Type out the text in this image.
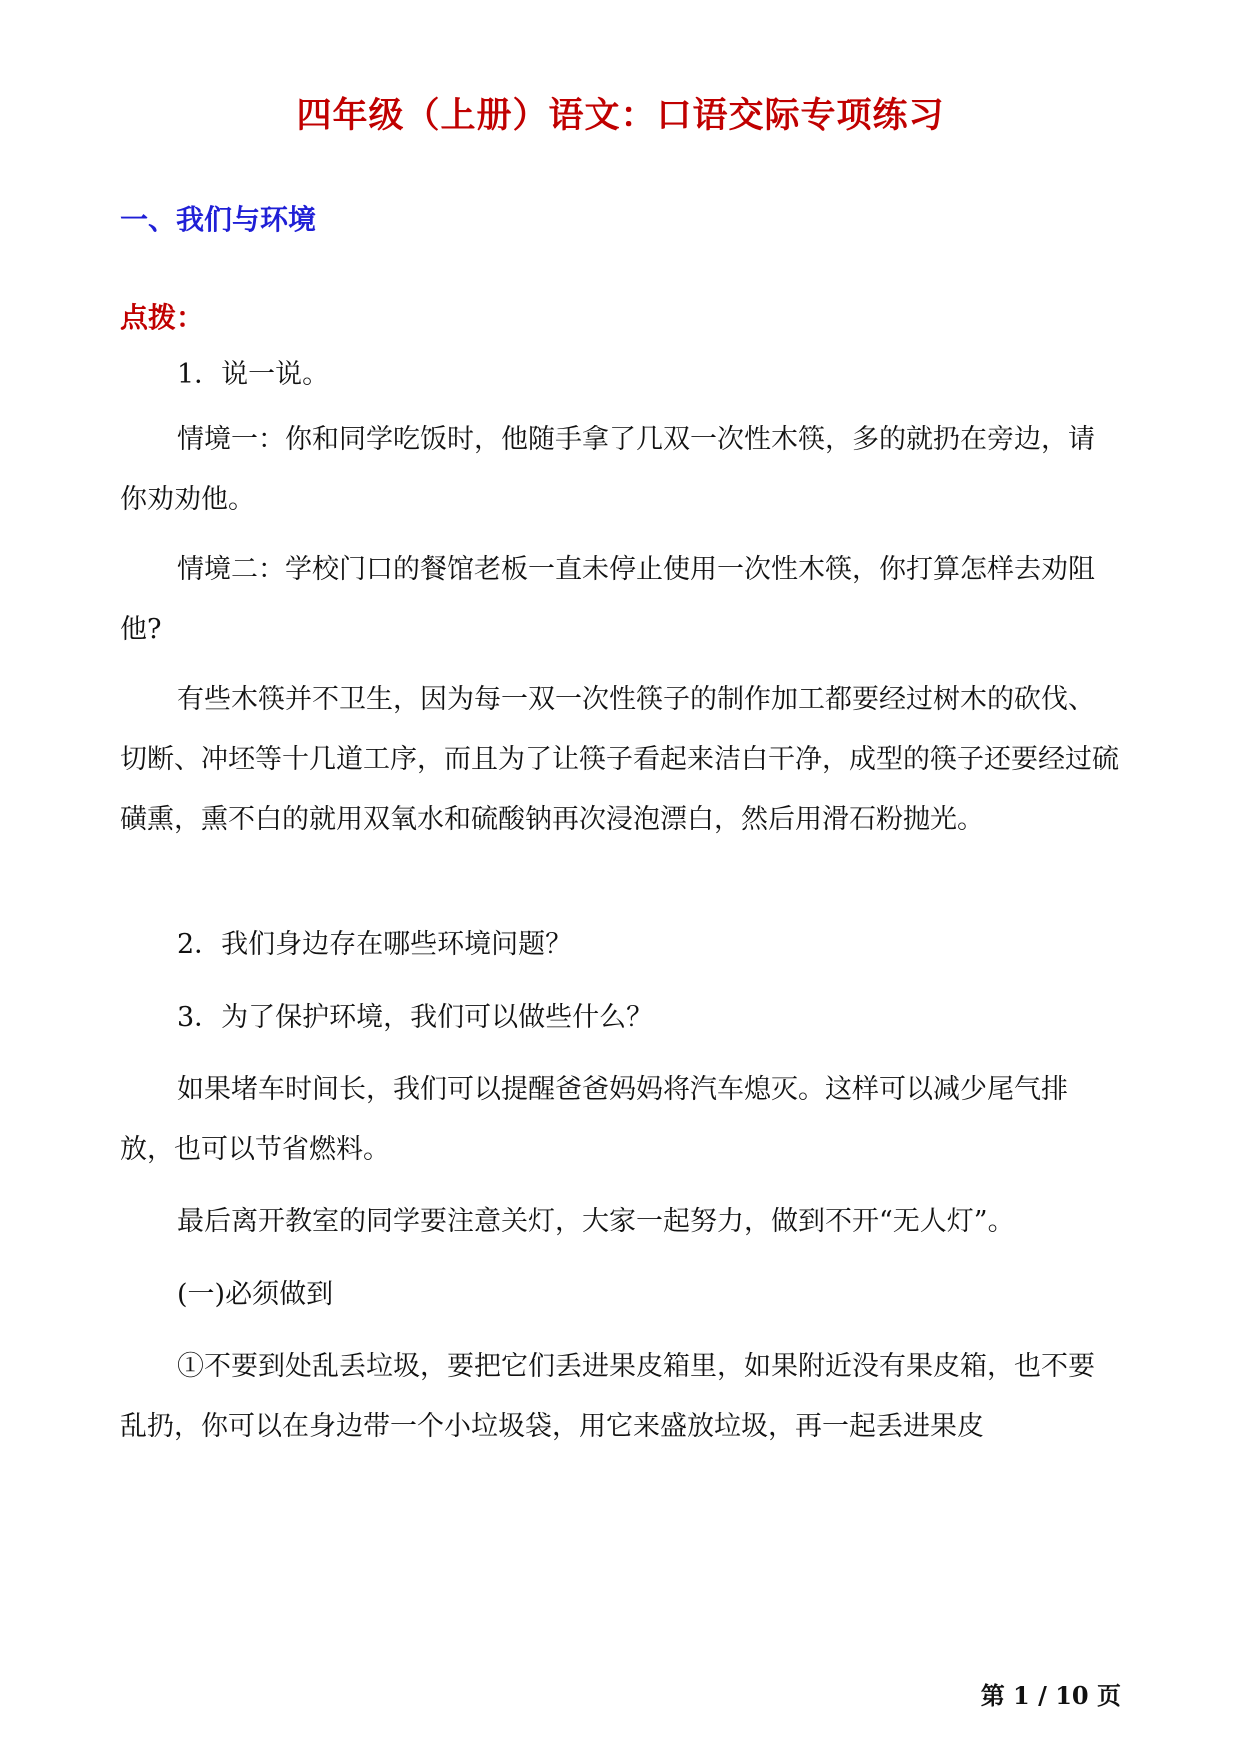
四年级（上册）语文：口语交际专项练习
一、我们与环境
点拨：
1．说一说。
情境一：你和同学吃饭时，他随手拿了几双一次性木筷，多的就扔在旁边，请你劝劝他。
情境二：学校门口的餐馆老板一直未停止使用一次性木筷，你打算怎样去劝阻他?
有些木筷并不卫生，因为每一双一次性筷子的制作加工都要经过树木的砍伐、切断、冲坯等十几道工序，而且为了让筷子看起来洁白干净，成型的筷子还要经过硫磺熏，熏不白的就用双氧水和硫酸钠再次浸泡漂白，然后用滑石粉抛光。
2．我们身边存在哪些环境问题？
3．为了保护环境，我们可以做些什么？
如果堵车时间长，我们可以提醒爸爸妈妈将汽车熄灭。这样可以减少尾气排放，也可以节省燃料。
最后离开教室的同学要注意关灯，大家一起努力，做到不开“无人灯”。
(一)必须做到
①不要到处乱丢垃圾，要把它们丢进果皮箱里，如果附近没有果皮箱，也不要乱扔，你可以在身边带一个小垃圾袋，用它来盛放垃圾，再一起丢进果皮
第 1 / 10 页
